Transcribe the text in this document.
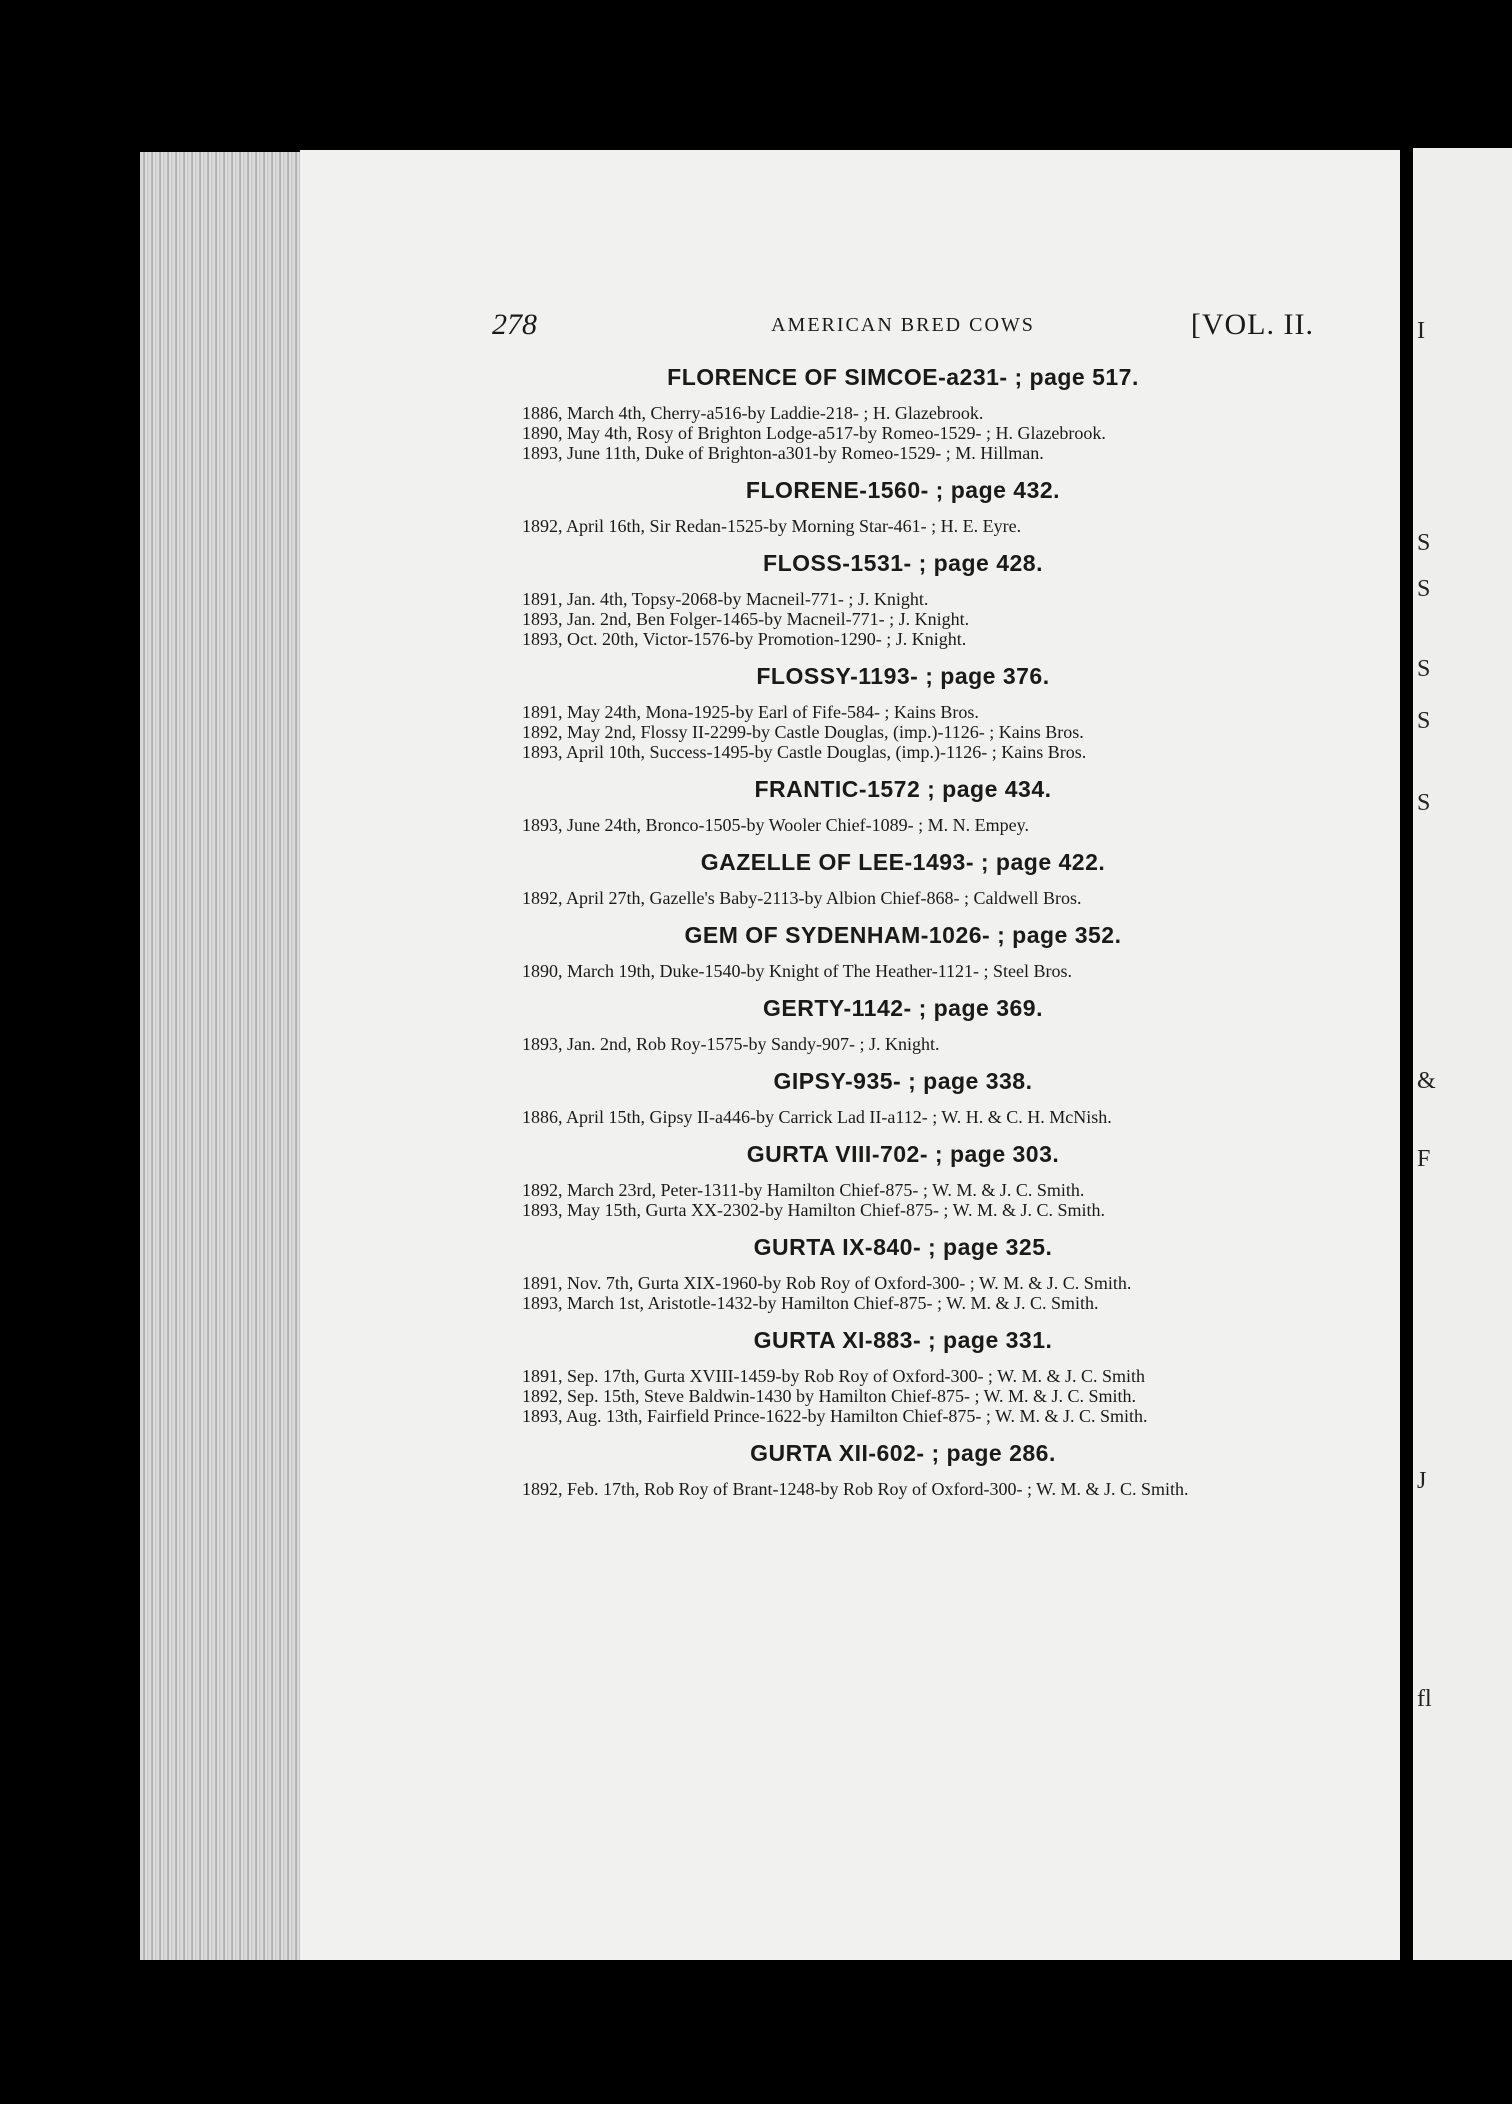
I
S
S
S
S
S
&
F
J
fl
278	AMERICAN BRED COWS	[VOL. II.
FLORENCE OF SIMCOE-a231- ; page 517.

1886, March 4th, Cherry-a516-by Laddie-218- ; H. Glazebrook.

1890, May 4th, Rosy of Brighton Lodge-a517-by Romeo-1529- ; H. Glazebrook.

1893, June 11th, Duke of Brighton-a301-by Romeo-1529- ; M. Hillman.

FLORENE-1560- ; page 432.

1892, April 16th, Sir Redan-1525-by Morning Star-461- ; H. E. Eyre.

FLOSS-1531- ; page 428.

1891, Jan. 4th, Topsy-2068-by Macneil-771- ; J. Knight.

1893, Jan. 2nd, Ben Folger-1465-by Macneil-771- ; J. Knight.

1893, Oct. 20th, Victor-1576-by Promotion-1290- ; J. Knight.

FLOSSY-1193- ; page 376.

1891, May 24th, Mona-1925-by Earl of Fife-584- ; Kains Bros.

1892, May 2nd, Flossy II-2299-by Castle Douglas, (imp.)-1126- ; Kains Bros.

1893, April 10th, Success-1495-by Castle Douglas, (imp.)-1126- ; Kains Bros.

FRANTIC-1572 ; page 434.

1893, June 24th, Bronco-1505-by Wooler Chief-1089- ; M. N. Empey.

GAZELLE OF LEE-1493- ; page 422.

1892, April 27th, Gazelle's Baby-2113-by Albion Chief-868- ; Caldwell Bros.

GEM OF SYDENHAM-1026- ; page 352.

1890, March 19th, Duke-1540-by Knight of The Heather-1121- ; Steel Bros.

GERTY-1142- ; page 369.

1893, Jan. 2nd, Rob Roy-1575-by Sandy-907- ; J. Knight.

GIPSY-935- ; page 338.

1886, April 15th, Gipsy II-a446-by Carrick Lad II-a112- ; W. H. & C. H. McNish.

GURTA VIII-702- ; page 303.

1892, March 23rd, Peter-1311-by Hamilton Chief-875- ; W. M. & J. C. Smith.

1893, May 15th, Gurta XX-2302-by Hamilton Chief-875- ; W. M. & J. C. Smith.

GURTA IX-840- ; page 325.

1891, Nov. 7th, Gurta XIX-1960-by Rob Roy of Oxford-300- ; W. M. & J. C. Smith.

1893, March 1st, Aristotle-1432-by Hamilton Chief-875- ; W. M. & J. C. Smith.

GURTA XI-883- ; page 331.

1891, Sep. 17th, Gurta XVIII-1459-by Rob Roy of Oxford-300- ; W. M. & J. C. Smith

1892, Sep. 15th, Steve Baldwin-1430 by Hamilton Chief-875- ; W. M. & J. C. Smith.

1893, Aug. 13th, Fairfield Prince-1622-by Hamilton Chief-875- ; W. M. & J. C. Smith.

GURTA XII-602- ; page 286.

1892, Feb. 17th, Rob Roy of Brant-1248-by Rob Roy of Oxford-300- ; W. M. & J. C. Smith.
